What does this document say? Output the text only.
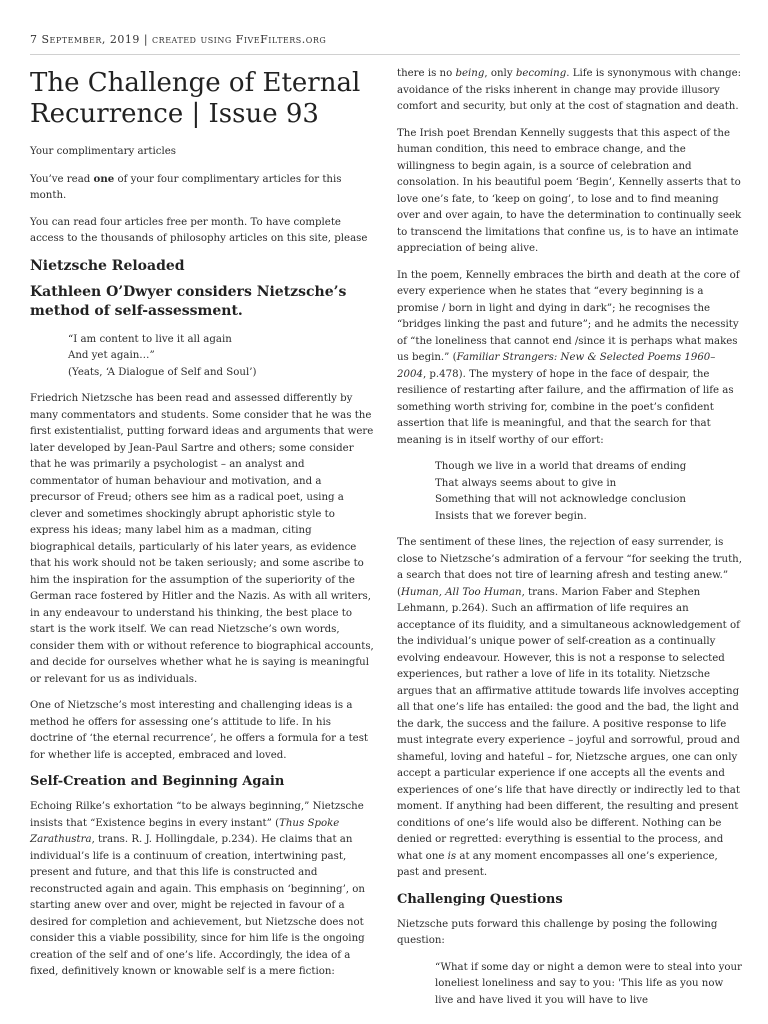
7 September, 2019 | created using FiveFilters.org
The Challenge of Eternal Recurrence | Issue 93

Your complimentary articles

You’ve read one of your four complimentary articles for this month.

You can read four articles free per month. To have complete access to the thousands of philosophy articles on this site, please

Nietzsche Reloaded
Kathleen O’Dwyer considers Nietzsche’s method of self-assessment.
“I am content to live it all again
And yet again…”
(Yeats, ‘A Dialogue of Self and Soul’)

Friedrich Nietzsche has been read and assessed differently by many commentators and students. Some consider that he was the first existentialist, putting forward ideas and arguments that were later developed by Jean-Paul Sartre and others; some consider that he was primarily a psychologist – an analyst and commentator of human behaviour and motivation, and a precursor of Freud; others see him as a radical poet, using a clever and sometimes shockingly abrupt aphoristic style to express his ideas; many label him as a madman, citing biographical details, particularly of his later years, as evidence that his work should not be taken seriously; and some ascribe to him the inspiration for the assumption of the superiority of the German race fostered by Hitler and the Nazis. As with all writers, in any endeavour to understand his thinking, the best place to start is the work itself. We can read Nietzsche’s own words, consider them with or without reference to biographical accounts, and decide for ourselves whether what he is saying is meaningful or relevant for us as individuals.

One of Nietzsche’s most interesting and challenging ideas is a method he offers for assessing one’s attitude to life. In his doctrine of ‘the eternal recurrence’, he offers a formula for a test for whether life is accepted, embraced and loved.

Self-Creation and Beginning Again

Echoing Rilke’s exhortation “to be always beginning,” Nietzsche insists that “Existence begins in every instant” (Thus Spoke Zarathustra, trans. R. J. Hollingdale, p.234). He claims that an individual’s life is a continuum of creation, intertwining past, present and future, and that this life is constructed and reconstructed again and again. This emphasis on ‘beginning’, on starting anew over and over, might be rejected in favour of a desired for completion and achievement, but Nietzsche does not consider this a viable possibility, since for him life is the ongoing creation of the self and of one’s life. Accordingly, the idea of a fixed, definitively known or knowable self is a mere fiction:

there is no being, only becoming. Life is synonymous with change: avoidance of the risks inherent in change may provide illusory comfort and security, but only at the cost of stagnation and death.

The Irish poet Brendan Kennelly suggests that this aspect of the human condition, this need to embrace change, and the willingness to begin again, is a source of celebration and consolation. In his beautiful poem ‘Begin’, Kennelly asserts that to love one’s fate, to ‘keep on going’, to lose and to find meaning over and over again, to have the determination to continually seek to transcend the limitations that confine us, is to have an intimate appreciation of being alive.

In the poem, Kennelly embraces the birth and death at the core of every experience when he states that “every beginning is a promise / born in light and dying in dark”; he recognises the “bridges linking the past and future”; and he admits the necessity of “the loneliness that cannot end /since it is perhaps what makes us begin.” (Familiar Strangers: New & Selected Poems 1960–2004, p.478). The mystery of hope in the face of despair, the resilience of restarting after failure, and the affirmation of life as something worth striving for, combine in the poet’s confident assertion that life is meaningful, and that the search for that meaning is in itself worthy of our effort:

Though we live in a world that dreams of ending
That always seems about to give in
Something that will not acknowledge conclusion
Insists that we forever begin.

The sentiment of these lines, the rejection of easy surrender, is close to Nietzsche’s admiration of a fervour “for seeking the truth, a search that does not tire of learning afresh and testing anew.” (Human, All Too Human, trans. Marion Faber and Stephen Lehmann, p.264). Such an affirmation of life requires an acceptance of its fluidity, and a simultaneous acknowledgement of the individual’s unique power of self-creation as a continually evolving endeavour. However, this is not a response to selected experiences, but rather a love of life in its totality. Nietzsche argues that an affirmative attitude towards life involves accepting all that one’s life has entailed: the good and the bad, the light and the dark, the success and the failure. A positive response to life must integrate every experience – joyful and sorrowful, proud and shameful, loving and hateful – for, Nietzsche argues, one can only accept a particular experience if one accepts all the events and experiences of one’s life that have directly or indirectly led to that moment. If anything had been different, the resulting and present conditions of one’s life would also be different. Nothing can be denied or regretted: everything is essential to the process, and what one is at any moment encompasses all one’s experience, past and present.

Challenging Questions

Nietzsche puts forward this challenge by posing the following question:

“What if some day or night a demon were to steal into your loneliest loneliness and say to you: 'This life as you now live and have lived it you will have to live
